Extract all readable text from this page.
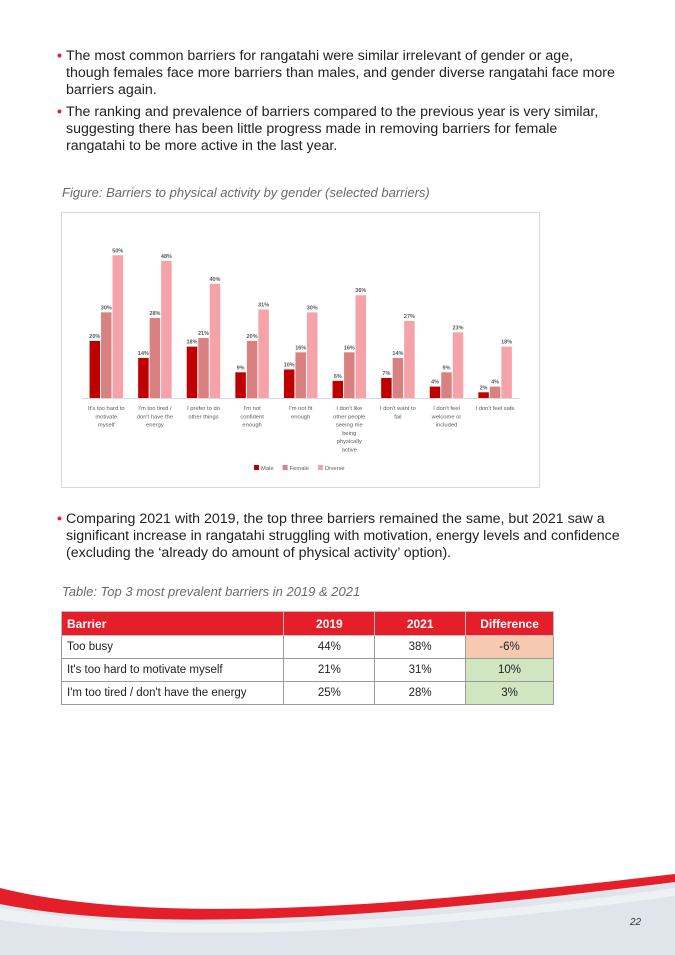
• The most common barriers for rangatahi were similar irrelevant of gender or age, though females face more barriers than males, and gender diverse rangatahi face more barriers again.

• The ranking and prevalence of barriers compared to the previous year is very similar, suggesting there has been little progress made in removing barriers for female rangatahi to be more active in the last year.

Figure: Barriers to physical activity by gender (selected barriers)
20%
30%
50%
It's too hard to
motivate
myself
14%
28%
48%
I'm too tired /
don't have the
energy
18%
21%
40%
I prefer to do
other things
9%
20%
31%
I'm not
confident
enough
10%
16%
30%
I'm not fit
enough
6%
16%
36%
I don't like
other people
seeing me
being
physically
active
7%
14%
27%
I don't want to
fail
4%
9%
23%
I don't feel
welcome or
included
2%
4%
18%
I don't feel safe
Male	Female	Diverse

• Comparing 2021 with 2019, the top three barriers remained the same, but 2021 saw a significant increase in rangatahi struggling with motivation, energy levels and confidence (excluding the ‘already do amount of physical activity’ option).

Table: Top 3 most prevalent barriers in 2019 & 2021
Barrier	2019	2021	Difference
Too busy	44%	38%	-6%
It's too hard to motivate myself	21%	31%	10%
I'm too tired / don't have the energy	25%	28%	3%
22
